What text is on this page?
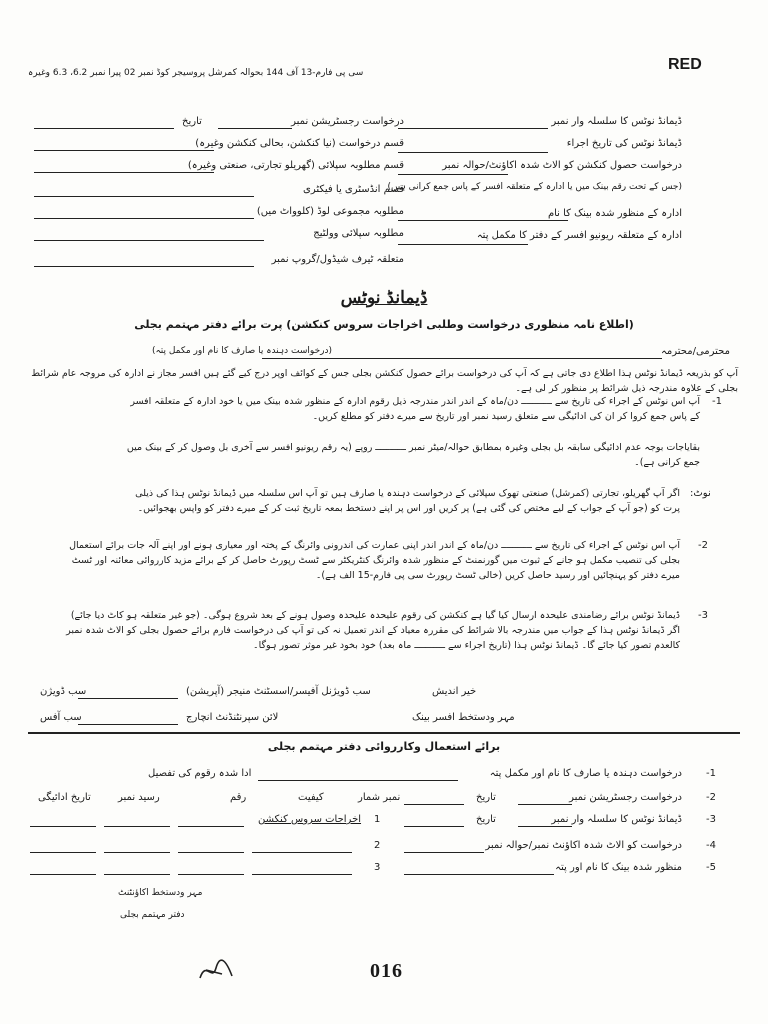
سی پی فارم-13 آف 144 بحوالہ کمرشل پروسیجر کوڈ نمبر 02 پیرا نمبر 6.2، 6.3 وغیرہ	RED
ڈیمانڈ نوٹس کا سلسلہ وار نمبر
ڈیمانڈ نوٹس کی تاریخ اجراء
درخواست حصول کنکشن کو الاٹ شدہ اکاؤنٹ/حوالہ نمبر
(جس کے تحت رقم بینک میں یا ادارہ کے متعلقہ افسر کے پاس جمع کرانی ہیں)
ادارہ کے منظور شدہ بینک کا نام
ادارہ کے متعلقہ ریونیو افسر کے دفتر کا مکمل پتہ
درخواست رجسٹریشن نمبر
تاریخ
قسم درخواست (نیا کنکشن، بحالی کنکشن وغیرہ)
قسم مطلوبہ سپلائی (گھریلو تجارتی، صنعتی وغیرہ)
قسم انڈسٹری یا فیکٹری
مطلوبہ مجموعی لوڈ (کلوواٹ میں)
مطلوبہ سپلائی وولٹیج
متعلقہ ٹیرف شیڈول/گروپ نمبر
ڈیمانڈ نوٹس
(اطلاع نامہ منظوری درخواست وطلبی اخراجات سروس کنکشن) پرت برائے دفتر مہتمم بجلی
محترمی/محترمہ
(درخواست دہندہ یا صارف کا نام اور مکمل پتہ)
آپ کو بذریعہ ڈیمانڈ نوٹس ہذا اطلاع دی جاتی ہے کہ آپ کی درخواست برائے حصول کنکشن بجلی جس کے کوائف اوپر درج کیے گئے ہیں افسر مجاز نے ادارہ کی مروجہ عام شرائط بجلی کے علاوہ مندرجہ ذیل شرائط پر منظور کر لی ہے۔
-1
آپ اس نوٹس کے اجراء کی تاریخ سے ـــــــــــ دن/ماہ کے اندر اندر مندرجہ ذیل رقوم ادارہ کے منظور شدہ بینک میں یا خود ادارہ کے متعلقہ افسر کے پاس جمع کروا کر ان کی ادائیگی سے متعلق رسید نمبر اور تاریخ سے میرے دفتر کو مطلع کریں۔
بقایاجات بوجہ عدم ادائیگی سابقہ بل بجلی وغیرہ بمطابق حوالہ/میٹر نمبر ـــــــــــ روپے (یہ رقم ریونیو افسر سے آخری بل وصول کر کے بینک میں جمع کرانی ہے)۔
نوٹ:
اگر آپ گھریلو، تجارتی (کمرشل) صنعتی تھوک سپلائی کے درخواست دہندہ یا صارف ہیں تو آپ اس سلسلہ میں ڈیمانڈ نوٹس ہذا کی ذیلی پرت کو (جو آپ کے جواب کے لیے مختص کی گئی ہے) پر کریں اور اس پر اپنے دستخط بمعہ تاریخ ثبت کر کے میرے دفتر کو واپس بھجوائیں۔
-2
آپ اس نوٹس کے اجراء کی تاریخ سے ـــــــــــ دن/ماہ کے اندر اندر اپنی عمارت کی اندرونی وائرنگ کے پختہ اور معیاری ہونے اور اپنے آلہ جات برائے استعمال بجلی کی تنصیب مکمل ہو جانے کے ثبوت میں گورنمنٹ کے منظور شدہ وائرنگ کنٹریکٹر سے ٹسٹ رپورٹ حاصل کر کے برائے مزید کارروائی معائنہ اور ٹسٹ میرے دفتر کو پہنچائیں اور رسید حاصل کریں (خالی ٹسٹ رپورٹ سی پی فارم-15 الف ہے)۔
-3
ڈیمانڈ نوٹس برائے رضامندی علیحدہ ارسال کیا گیا ہے کنکشن کی رقوم علیحدہ علیحدہ وصول ہونے کے بعد شروع ہوگی۔ (جو غیر متعلقہ ہو کاٹ دیا جائے) اگر ڈیمانڈ نوٹس ہذا کے جواب میں مندرجہ بالا شرائط کی مقررہ معیاد کے اندر تعمیل نہ کی تو آپ کی درخواست فارم برائے حصول بجلی کو الاٹ شدہ نمبر کالعدم تصور کیا جائے گا۔ ڈیمانڈ نوٹس ہذا (تاریخ اجراء سے ـــــــــــ ماہ بعد) خود بخود غیر موثر تصور ہوگا۔
خیر اندیش
سب ڈویژنل آفیسر/اسسٹنٹ منیجر (آپریشن)
سب ڈویژن
مہر ودستخط افسر بینک
لائن سپرنٹنڈنٹ انچارج
سب آفس
برائے استعمال وکارروائی دفتر مہتمم بجلی
-1
درخواست دہندہ یا صارف کا نام اور مکمل پتہ
ادا شدہ رقوم کی تفصیل
-2
درخواست رجسٹریشن نمبر
تاریخ
نمبر شمار
کیفیت
رقم
رسید نمبر
تاریخ ادائیگی
-3
ڈیمانڈ نوٹس کا سلسلہ وار نمبر
تاریخ
1
اخراجات سروس کنکشن
-4
درخواست کو الاٹ شدہ اکاؤنٹ نمبر/حوالہ نمبر
2
-5
منظور شدہ بینک کا نام اور پتہ
3
مہر ودستخط اکاؤنٹنٹ
دفتر مہتمم بجلی
016
